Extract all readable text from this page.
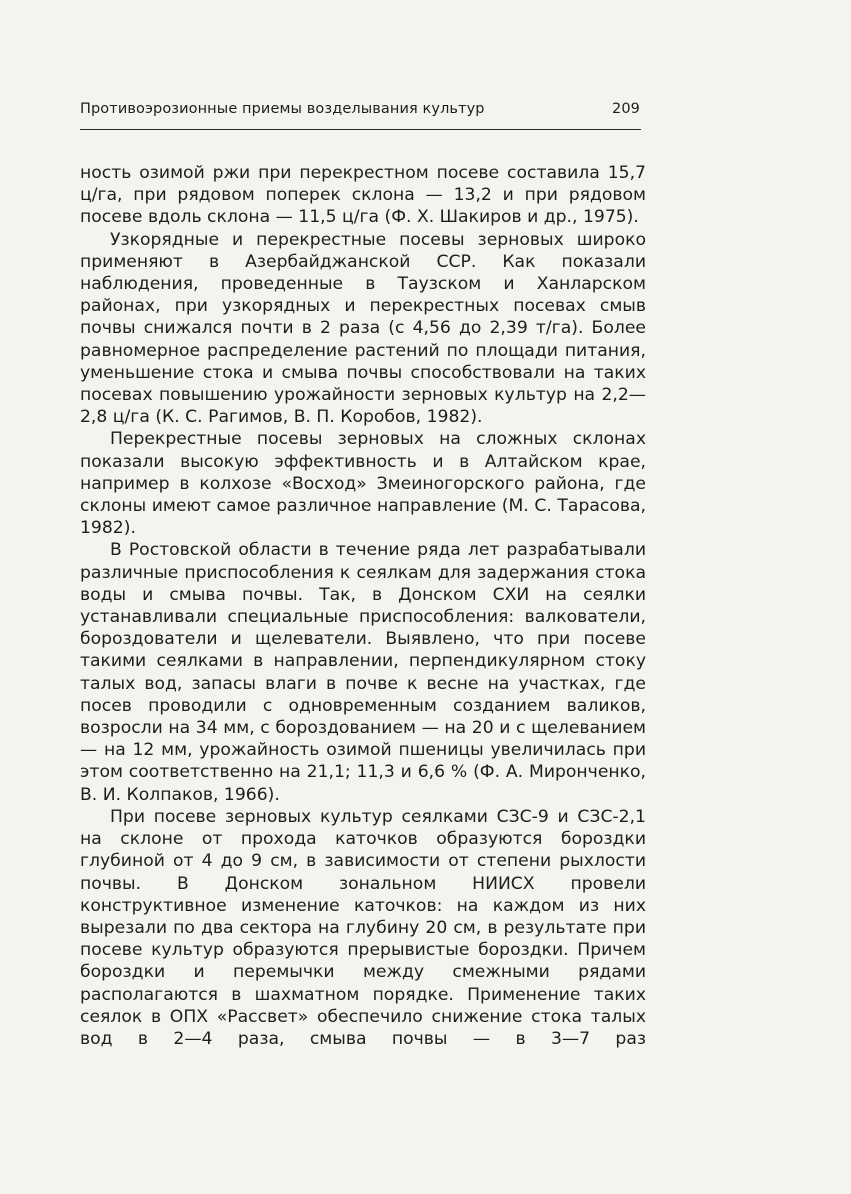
Противоэрозионные приемы возделывания культур	209

ность озимой ржи при перекрестном посеве составила 15,7 ц/га, при рядовом поперек склона — 13,2 и при рядовом посеве вдоль склона — 11,5 ц/га (Ф. Х. Шакиров и др., 1975).

Узкорядные и перекрестные посевы зерновых широко применяют в Азербайджанской ССР. Как показали наблюдения, проведенные в Таузском и Ханларском районах, при узкорядных и перекрестных посевах смыв почвы снижался почти в 2 раза (с 4,56 до 2,39 т/га). Более равномерное распределение растений по площади питания, уменьшение стока и смыва почвы способствовали на таких посевах повышению урожайности зерновых культур на 2,2—2,8 ц/га (К. С. Рагимов, В. П. Коробов, 1982).

Перекрестные посевы зерновых на сложных склонах показали высокую эффективность и в Алтайском крае, например в колхозе «Восход» Змеиногорского района, где склоны имеют самое различное направление (М. С. Тарасова, 1982).

В Ростовской области в течение ряда лет разрабатывали различные приспособления к сеялкам для задержания стока воды и смыва почвы. Так, в Донском СХИ на сеялки устанавливали специальные приспособления: валкователи, бороздователи и щелеватели. Выявлено, что при посеве такими сеялками в направлении, перпендикулярном стоку талых вод, запасы влаги в почве к весне на участках, где посев проводили с одновременным созданием валиков, возросли на 34 мм, с бороздованием — на 20 и с щелеванием — на 12 мм, урожайность озимой пшеницы увеличилась при этом соответственно на 21,1; 11,3 и 6,6 % (Ф. А. Мирончeнко, В. И. Колпаков, 1966).

При посеве зерновых культур сеялками СЗС-9 и СЗС-2,1 на склоне от прохода каточков образуются бороздки глубиной от 4 до 9 см, в зависимости от степени рыхлости почвы. В Донском зональном НИИСХ провели конструктивное изменение каточков: на каждом из них вырезали по два сектора на глубину 20 см, в результате при посеве культур образуются прерывистые бороздки. Причем бороздки и перемычки между смежными рядами располагаются в шахматном порядке. Применение таких сеялок в ОПХ «Рассвет» обеспечило снижение стока талых вод в 2—4 раза, смыва почвы — в 3—7 раз
